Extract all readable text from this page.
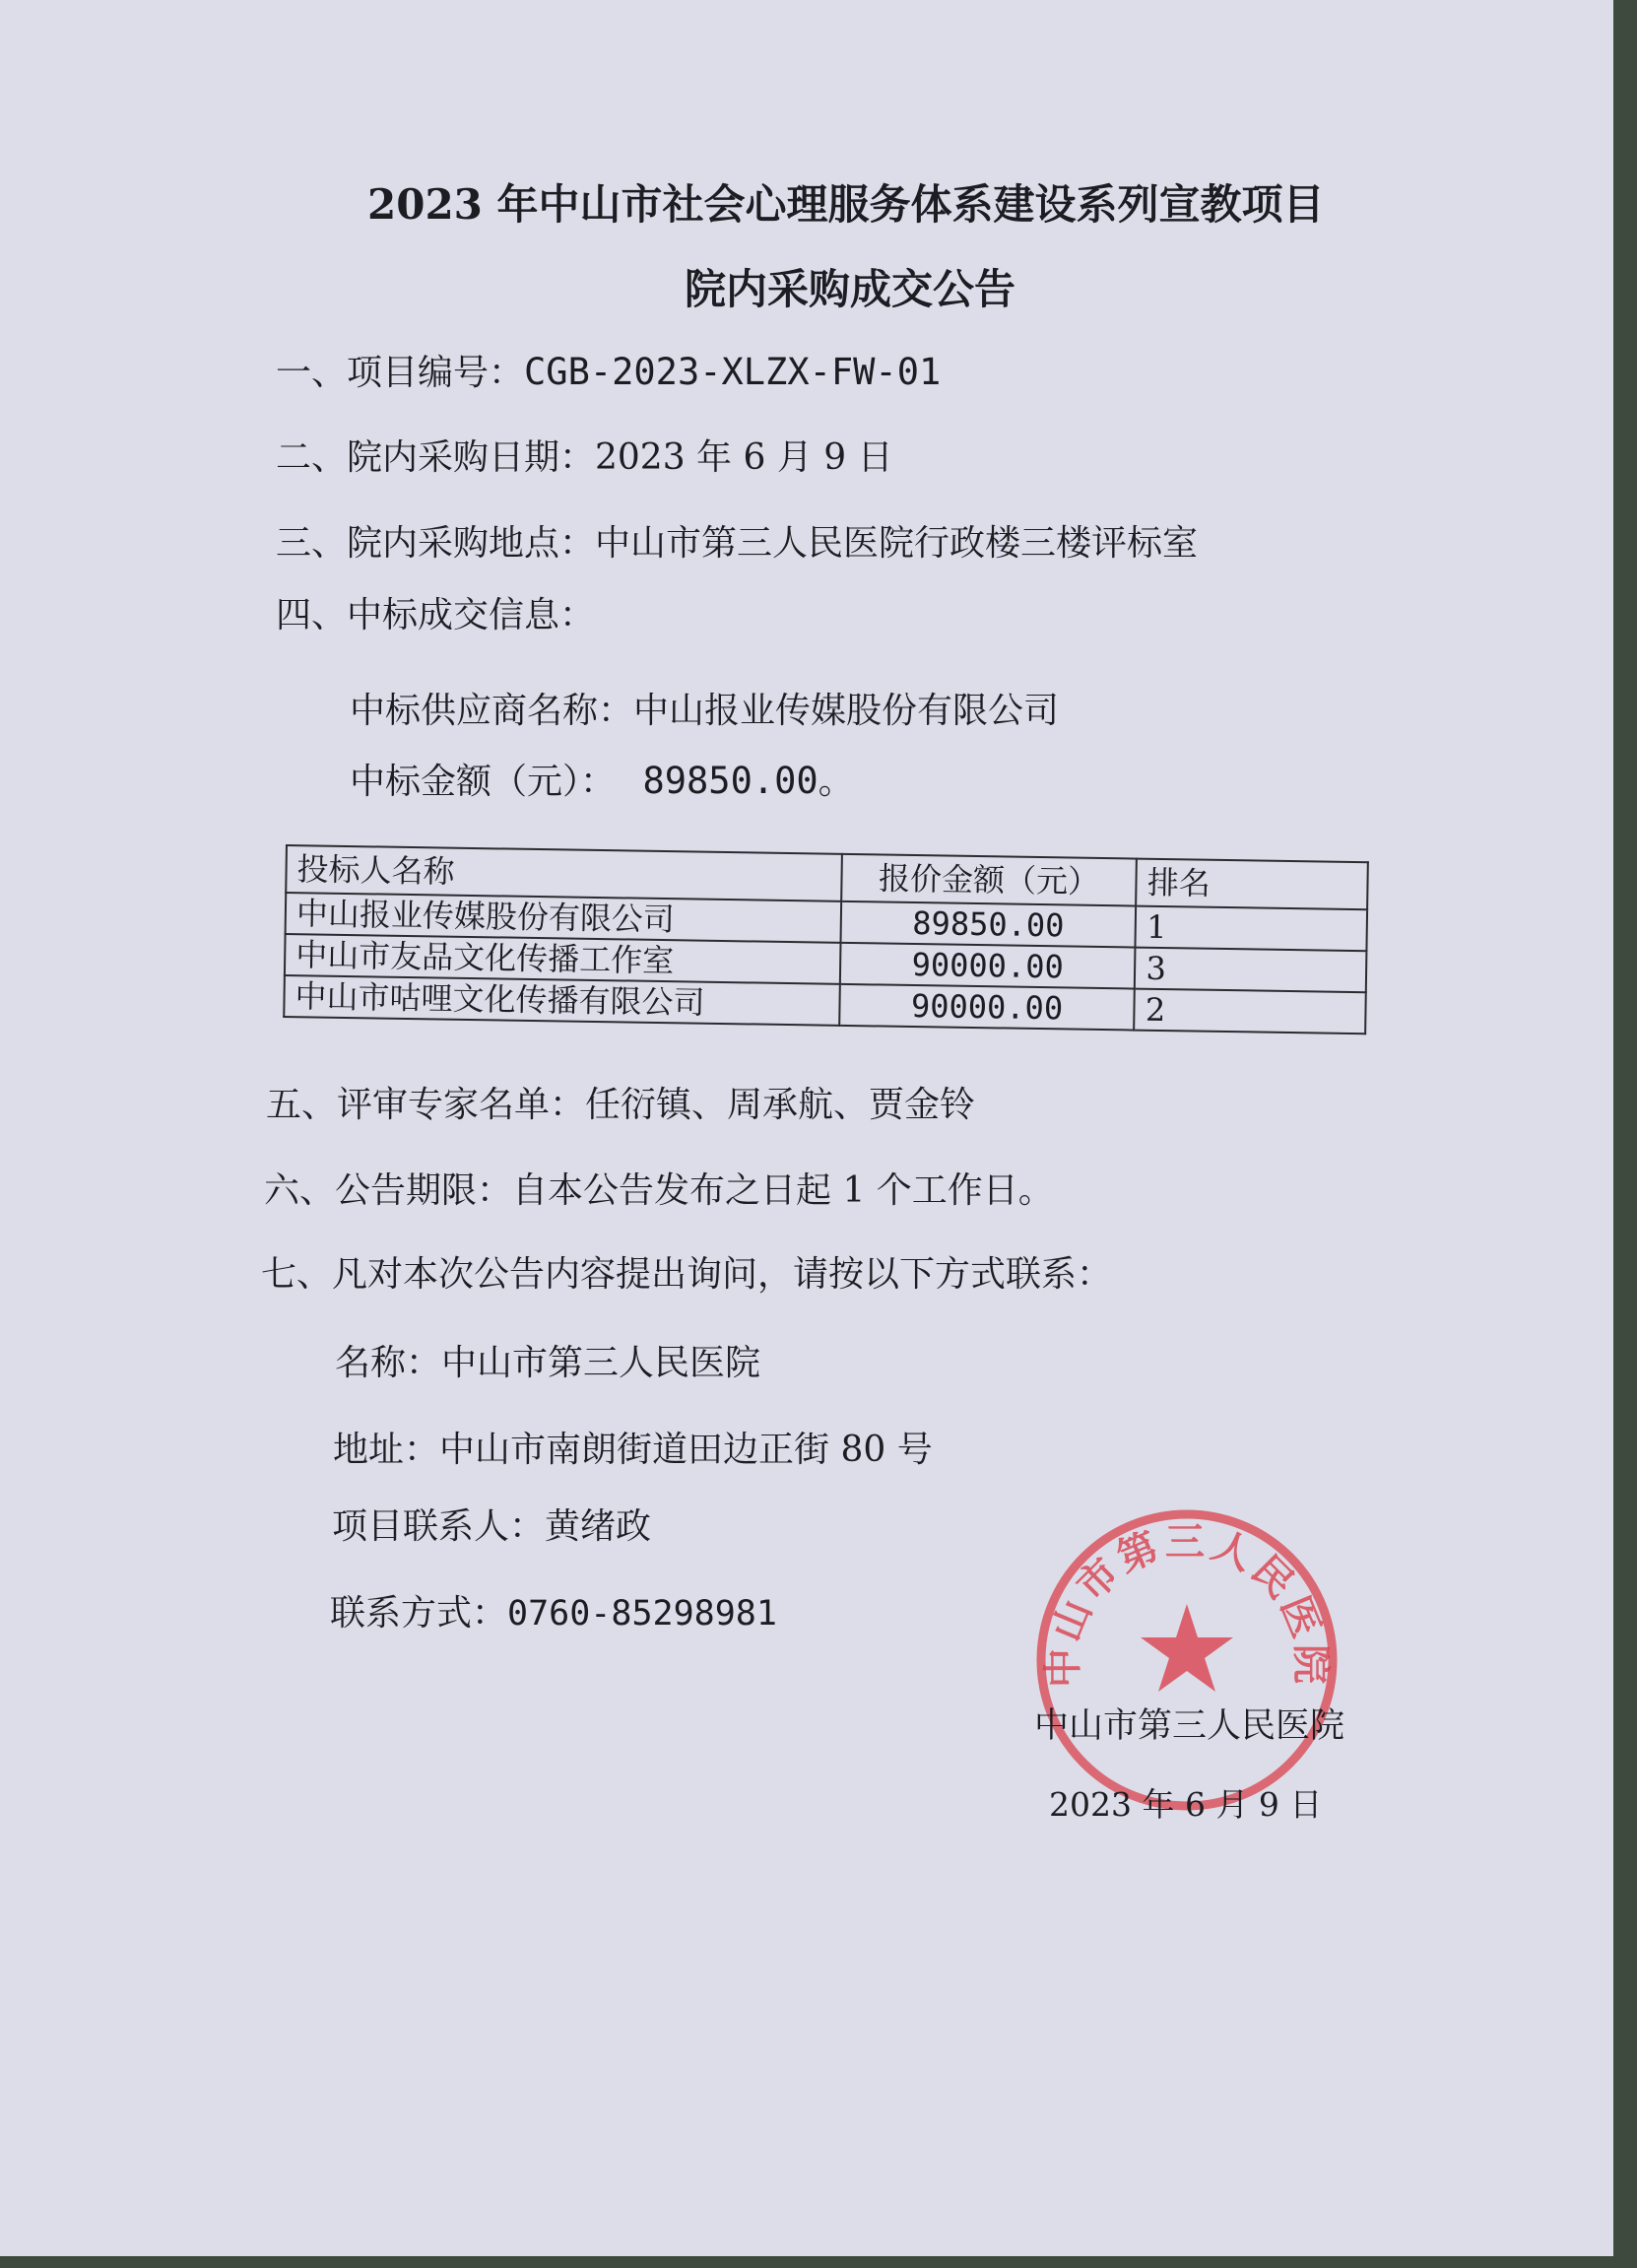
2023 年中山市社会心理服务体系建设系列宣教项目
院内采购成交公告
一、项目编号：CGB-2023-XLZX-FW-01
二、院内采购日期：2023 年 6 月 9 日
三、院内采购地点：中山市第三人民医院行政楼三楼评标室
四、中标成交信息：
中标供应商名称：中山报业传媒股份有限公司
中标金额（元）： 89850.00。
投标人名称	报价金额（元）	排名
中山报业传媒股份有限公司	89850.00	1
中山市友品文化传播工作室	90000.00	3
中山市咕哩文化传播有限公司	90000.00	2
五、评审专家名单：任衍镇、周承航、贾金铃
六、公告期限：自本公告发布之日起 1 个工作日。
七、凡对本次公告内容提出询问，请按以下方式联系：
名称：中山市第三人民医院
地址：中山市南朗街道田边正街 80 号
项目联系人：黄绪政
联系方式：0760-85298981
中山市第三人民医院
中山市第三人民医院
2023 年 6 月 9 日
